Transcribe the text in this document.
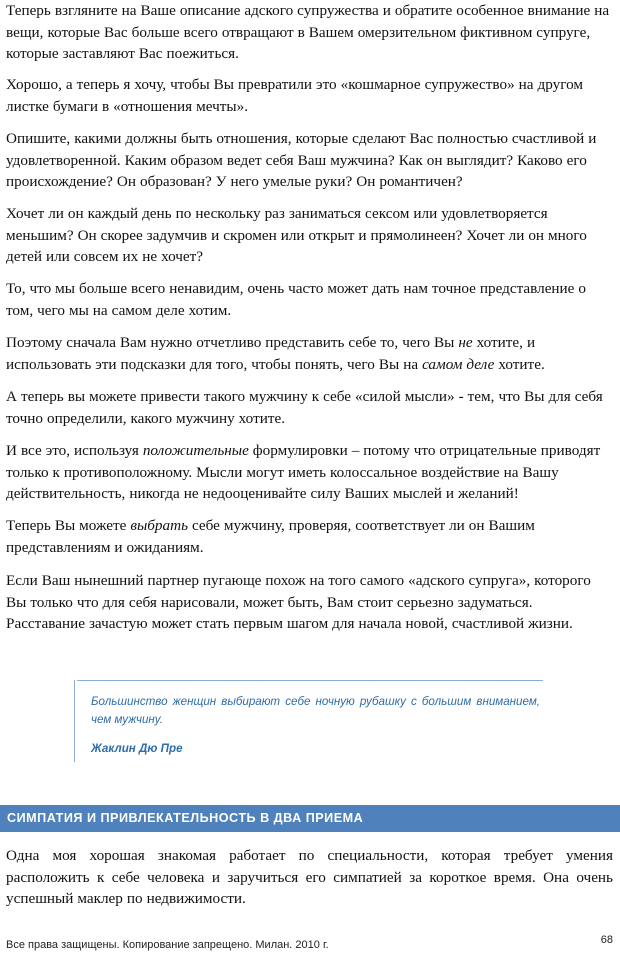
Теперь взгляните на Ваше описание адского супружества и обратите особенное внимание на вещи, которые Вас больше всего отвращают в Вашем омерзительном фиктивном супруге, которые заставляют Вас поежиться.

Хорошо, а теперь я хочу, чтобы Вы превратили это «кошмарное супружество» на другом листке бумаги в «отношения мечты».

Опишите, какими должны быть отношения, которые сделают Вас полностью счастливой и удовлетворенной. Каким образом ведет себя Ваш мужчина? Как он выглядит? Каково его происхождение? Он образован? У него умелые руки? Он романтичен?

Хочет ли он каждый день по нескольку раз заниматься сексом или удовлетворяется меньшим? Он скорее задумчив и скромен или открыт и прямолинеен? Хочет ли он много детей или совсем их не хочет?

То, что мы больше всего ненавидим, очень часто может дать нам точное представление о том, чего мы на самом деле хотим.

Поэтому сначала Вам нужно отчетливо представить себе то, чего Вы не хотите, и использовать эти подсказки для того, чтобы понять, чего Вы на самом деле хотите.

А теперь вы можете привести такого мужчину к себе «силой мысли» - тем, что Вы для себя точно определили, какого мужчину хотите.

И все это, используя положительные формулировки – потому что отрицательные приводят только к противоположному. Мысли могут иметь колоссальное воздействие на Вашу действительность, никогда не недооценивайте силу Ваших мыслей и желаний!

Теперь Вы можете выбрать себе мужчину, проверяя, соответствует ли он Вашим представлениям и ожиданиям.

Если Ваш нынешний партнер пугающе похож на того самого «адского супруга», которого Вы только что для себя нарисовали, может быть, Вам стоит серьезно задуматься. Расставание зачастую может стать первым шагом для начала новой, счастливой жизни.

Большинство женщин выбирают себе ночную рубашку с большим вниманием, чем мужчину.

Жаклин Дю Пре

СИМПАТИЯ И ПРИВЛЕКАТЕЛЬНОСТЬ В ДВА ПРИЕМА

Одна моя хорошая знакомая работает по специальности, которая требует умения расположить к себе человека и заручиться его симпатией за короткое время. Она очень успешный маклер по недвижимости.

Все права защищены. Копирование запрещено. Милан. 2010 г.	68
